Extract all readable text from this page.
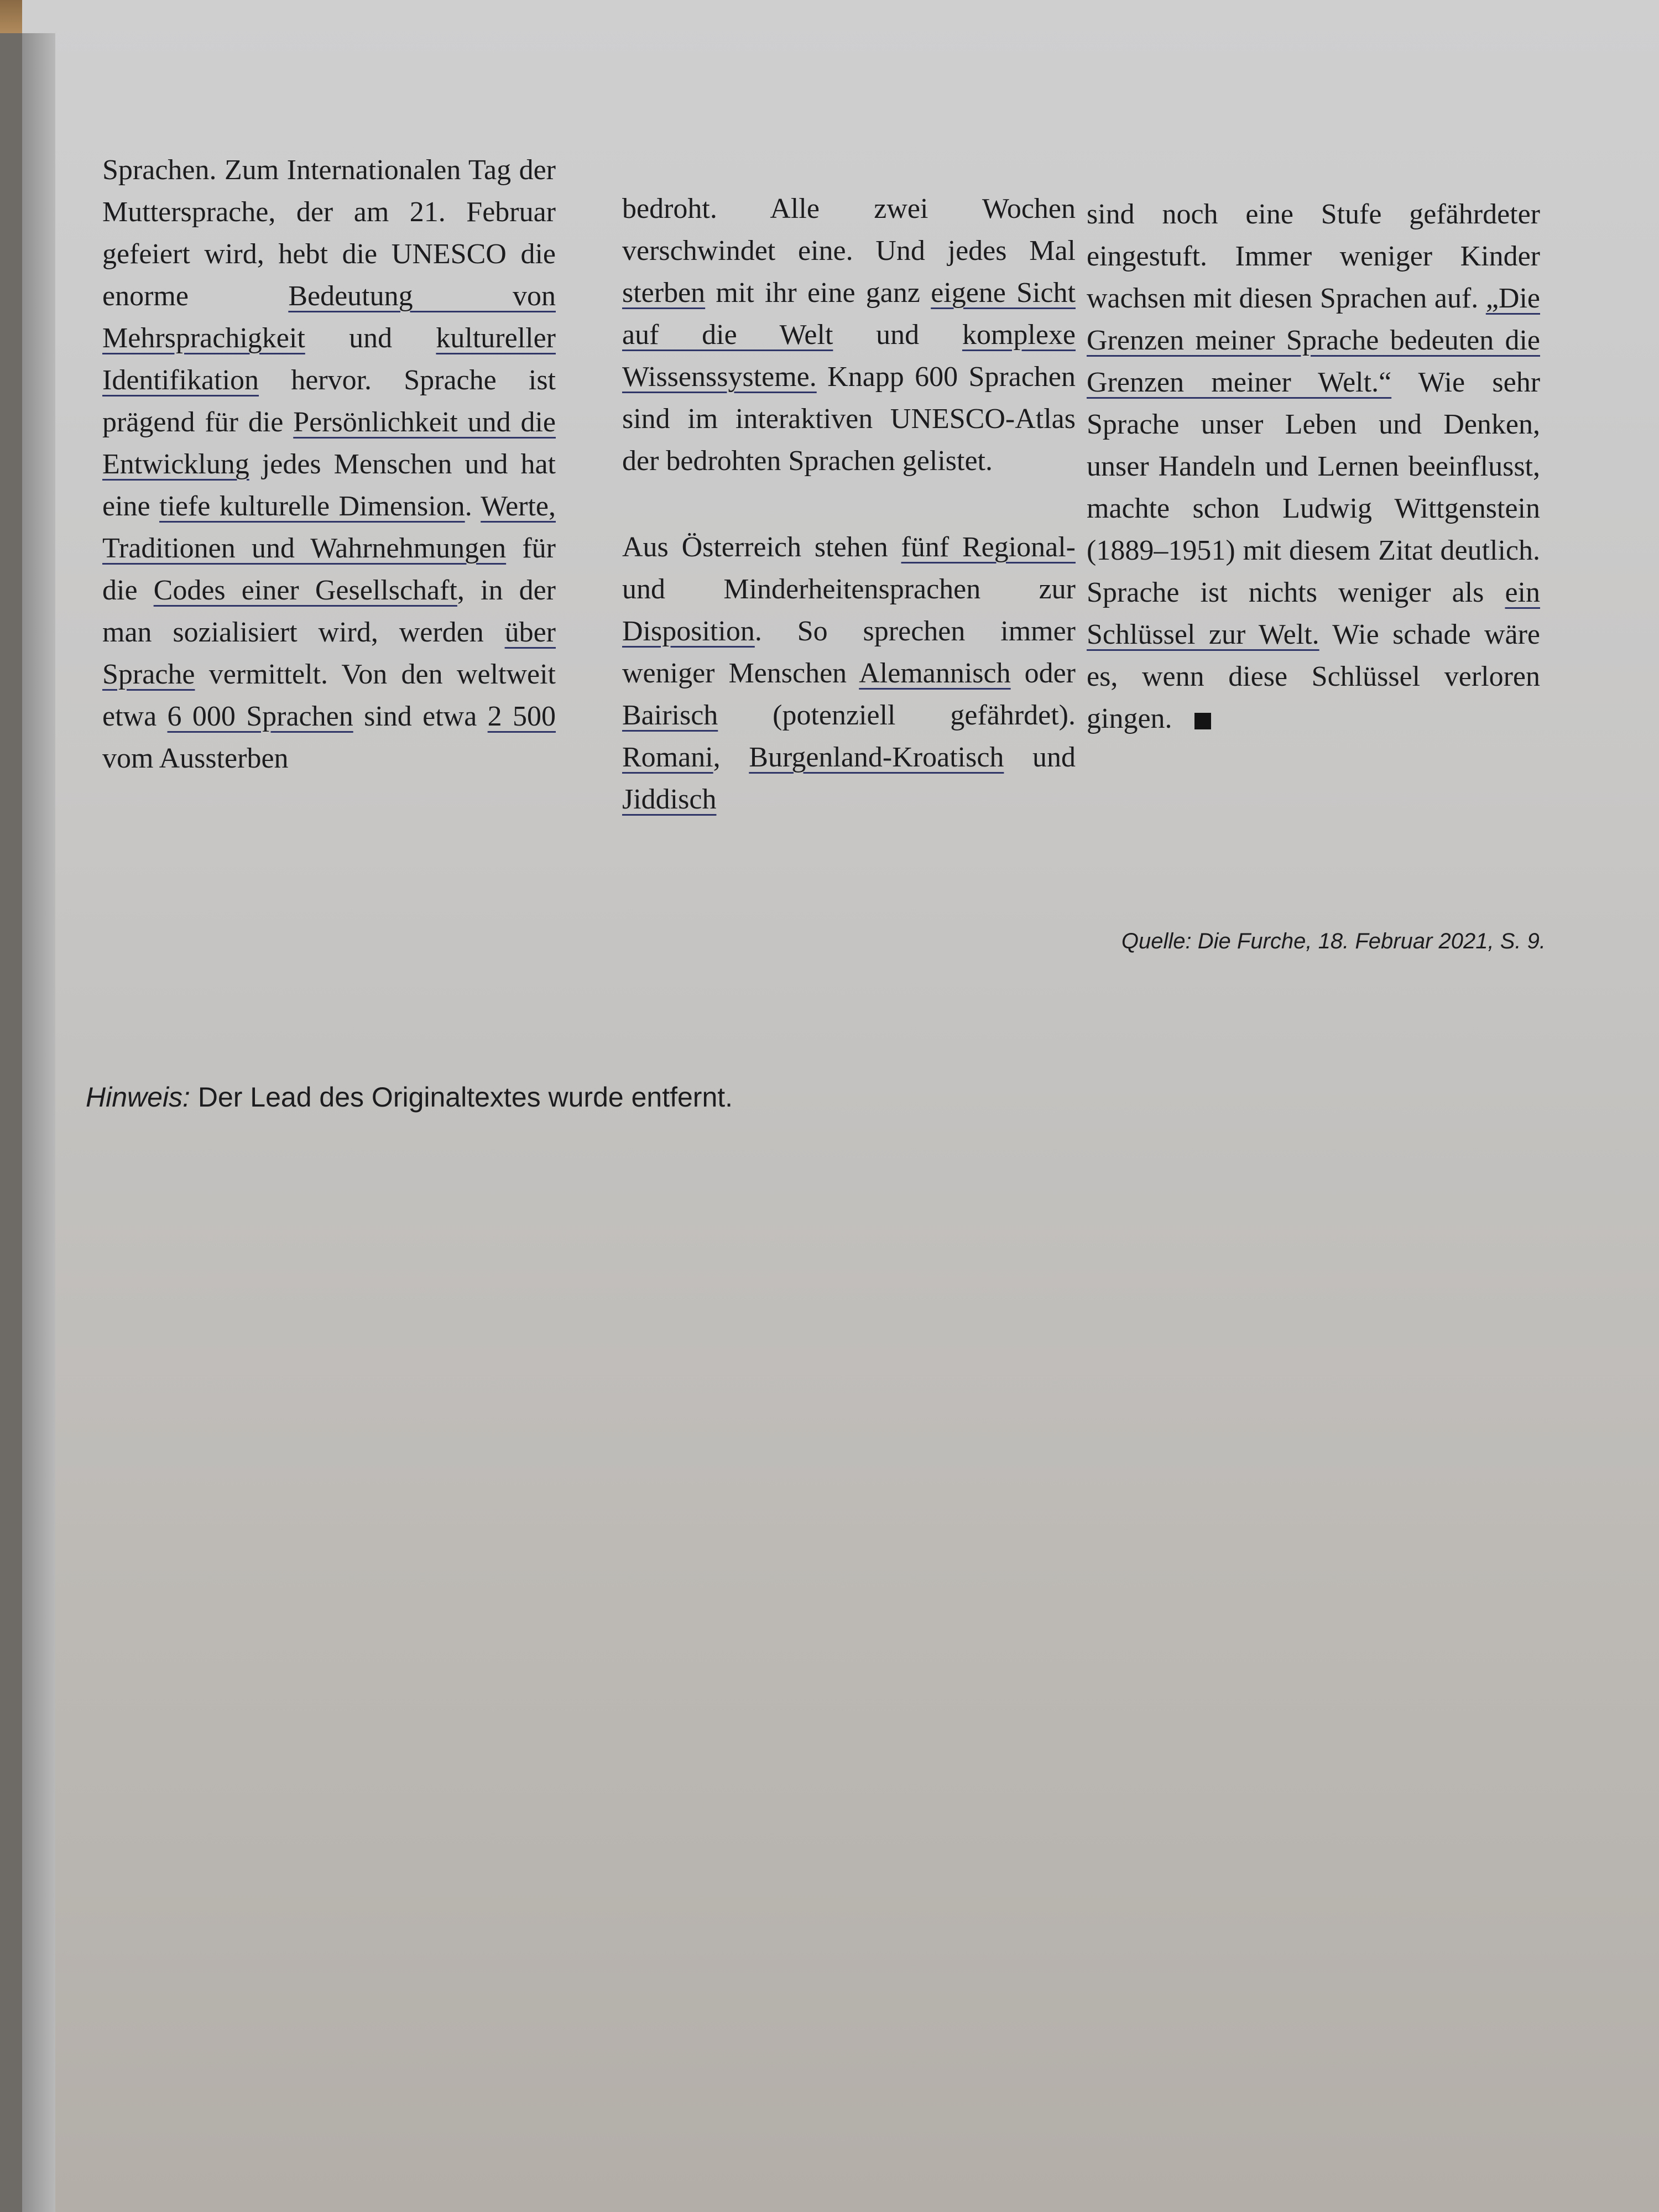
Sprachen. Zum Internationalen Tag der Muttersprache, der am 21. Februar gefeiert wird, hebt die UNESCO die enorme Bedeutung von Mehrsprachigkeit und kultureller Identifikation hervor. Sprache ist prägend für die Persönlichkeit und die Entwicklung jedes Menschen und hat eine tiefe kulturelle Dimension. Werte, Traditionen und Wahrnehmungen für die Codes einer Gesellschaft, in der man sozialisiert wird, werden über Sprache vermittelt. Von den weltweit etwa 6 000 Sprachen sind etwa 2 500 vom Aussterben

bedroht. Alle zwei Wochen verschwindet eine. Und jedes Mal sterben mit ihr eine ganz eigene Sicht auf die Welt und komplexe Wissenssysteme. Knapp 600 Sprachen sind im interaktiven UNESCO-Atlas der bedrohten Sprachen gelistet.

Aus Österreich stehen fünf Regional- und Minderheitensprachen zur Disposition. So sprechen immer weniger Menschen Alemannisch oder Bairisch (potenziell gefährdet). Romani, Burgenland-Kroatisch und Jiddisch

sind noch eine Stufe gefährdeter eingestuft. Immer weniger Kinder wachsen mit diesen Sprachen auf. „Die Grenzen meiner Sprache bedeuten die Grenzen meiner Welt.“ Wie sehr Sprache unser Leben und Denken, unser Handeln und Lernen beeinflusst, machte schon Ludwig Wittgenstein (1889–1951) mit diesem Zitat deutlich. Sprache ist nichts weniger als ein Schlüssel zur Welt. Wie schade wäre es, wenn diese Schlüssel verloren gingen.

Quelle: Die Furche, 18. Februar 2021, S. 9.
Hinweis: Der Lead des Originaltextes wurde entfernt.
